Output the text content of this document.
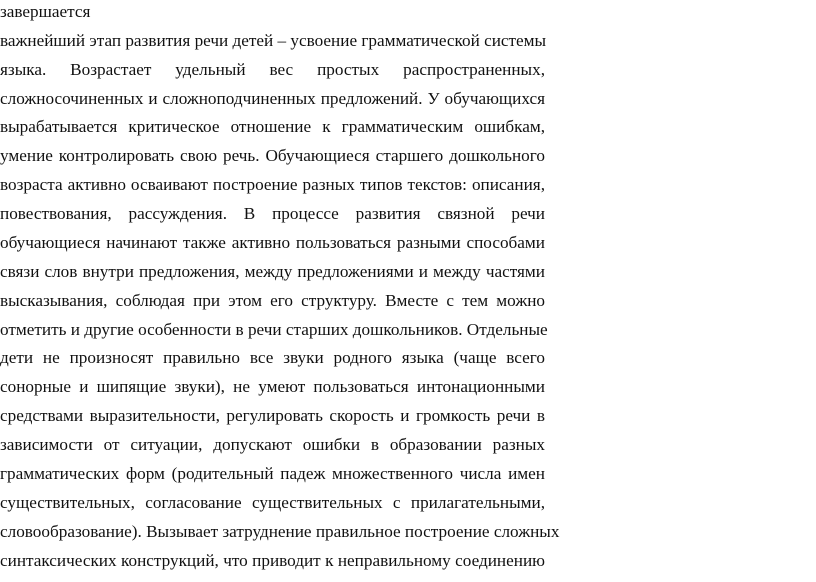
завершается
важнейший этап развития речи детей – усвоение грамматической системы
языка. Возрастает удельный вес простых распространенных,
сложносочиненных и сложноподчиненных предложений. У обучающихся
вырабатывается критическое отношение к грамматическим ошибкам,
умение контролировать свою речь. Обучающиеся старшего дошкольного
возраста активно осваивают построение разных типов текстов: описания,
повествования, рассуждения. В процессе развития связной речи
обучающиеся начинают также активно пользоваться разными способами
связи слов внутри предложения, между предложениями и между частями
высказывания, соблюдая при этом его структуру. Вместе с тем можно
отметить и другие особенности в речи старших дошкольников. Отдельные
дети не произносят правильно все звуки родного языка (чаще всего
сонорные и шипящие звуки), не умеют пользоваться интонационными
средствами выразительности, регулировать скорость и громкость речи в
зависимости от ситуации, допускают ошибки в образовании разных
грамматических форм (родительный падеж множественного числа имен
существительных, согласование существительных с прилагательными,
словообразование). Вызывает затруднение правильное построение сложных
синтаксических конструкций, что приводит к неправильному соединению
